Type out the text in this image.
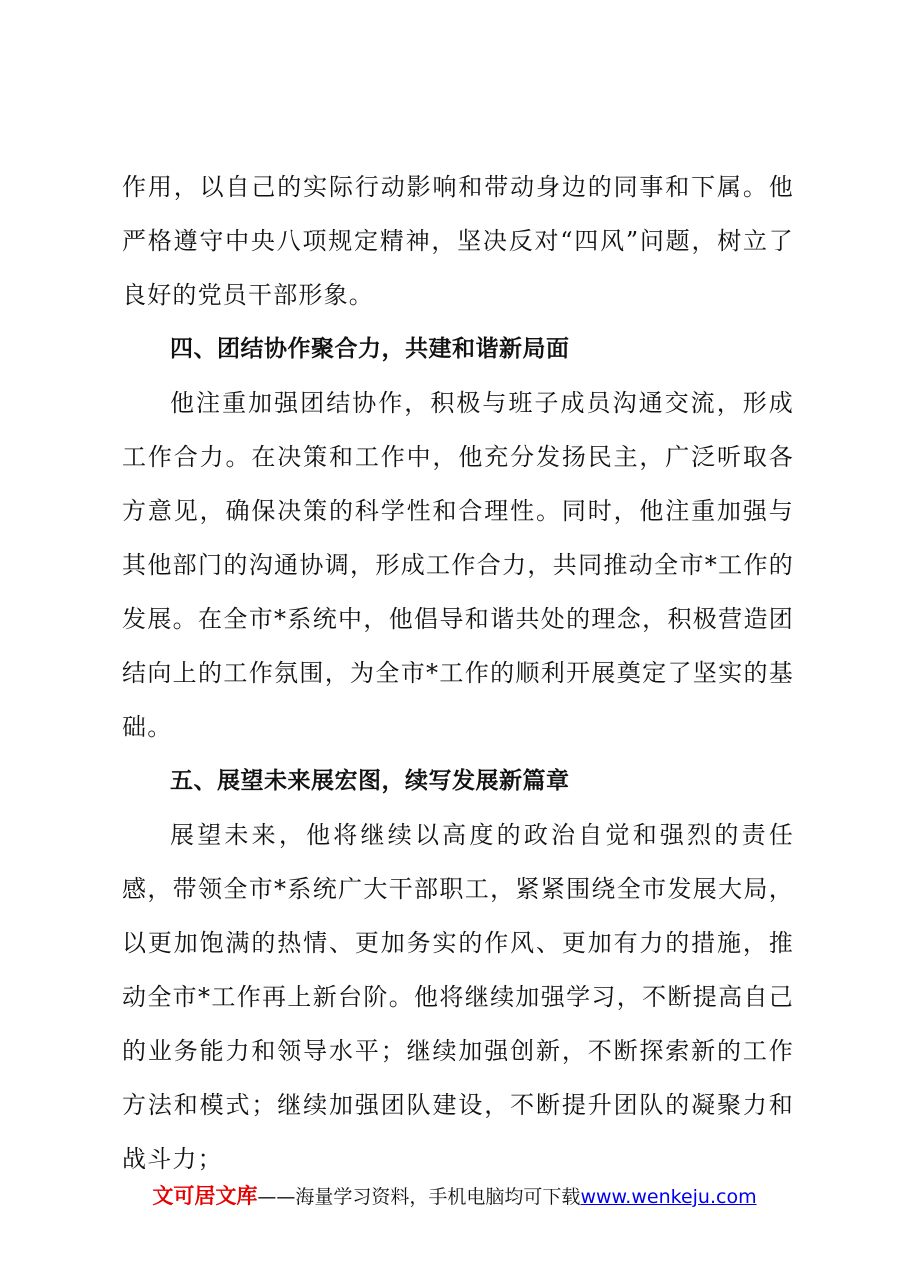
作用，以自己的实际行动影响和带动身边的同事和下属。他严格遵守中央八项规定精神，坚决反对“四风”问题，树立了良好的党员干部形象。

四、团结协作聚合力，共建和谐新局面

他注重加强团结协作，积极与班子成员沟通交流，形成工作合力。在决策和工作中，他充分发扬民主，广泛听取各方意见，确保决策的科学性和合理性。同时，他注重加强与其他部门的沟通协调，形成工作合力，共同推动全市*工作的发展。在全市*系统中，他倡导和谐共处的理念，积极营造团结向上的工作氛围，为全市*工作的顺利开展奠定了坚实的基础。

五、展望未来展宏图，续写发展新篇章

展望未来，他将继续以高度的政治自觉和强烈的责任感，带领全市*系统广大干部职工，紧紧围绕全市发展大局，以更加饱满的热情、更加务实的作风、更加有力的措施，推动全市*工作再上新台阶。他将继续加强学习，不断提高自己的业务能力和领导水平；继续加强创新，不断探索新的工作方法和模式；继续加强团队建设，不断提升团队的凝聚力和战斗力；

文可居文库——海量学习资料，手机电脑均可下载www.wenkeju.com
